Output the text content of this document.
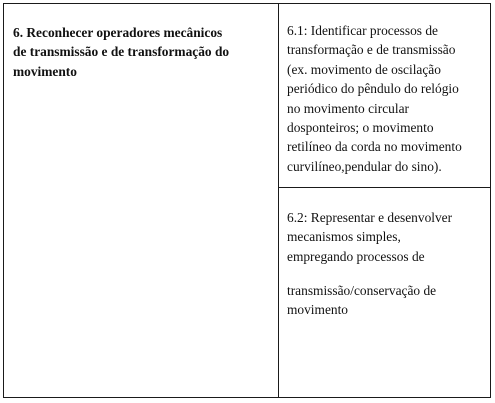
6. Reconhecer operadores mecânicos
de transmissão e de transformação do
movimento

6.1: Identificar processos de
transformação e de transmissão
(ex. movimento de oscilação
periódico do pêndulo do relógio
no movimento circular
dosponteiros; o movimento
retilíneo da corda no movimento
curvilíneo,pendular do sino).

6.2: Representar e desenvolver
mecanismos simples,
empregando processos de

transmissão/conservação de
movimento
